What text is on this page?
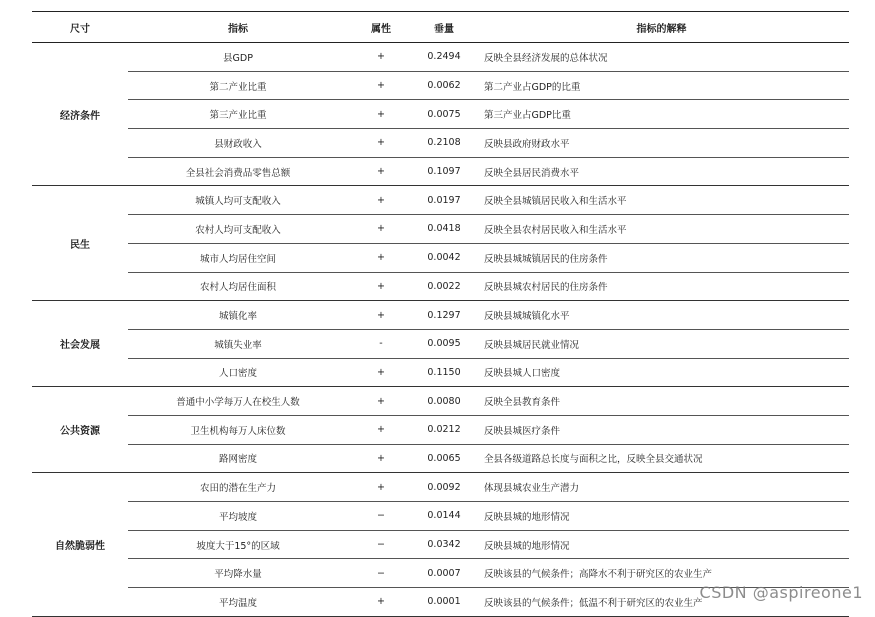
尺寸	指标	属性	垂量	指标的解释
经济条件	县GDP	+	0.2494	反映全县经济发展的总体状况
	第二产业比重	+	0.0062	第二产业占GDP的比重
	第三产业比重	+	0.0075	第三产业占GDP比重
	县财政收入	+	0.2108	反映县政府财政水平
	全县社会消费品零售总额	+	0.1097	反映全县居民消费水平
民生	城镇人均可支配收入	+	0.0197	反映全县城镇居民收入和生活水平
	农村人均可支配收入	+	0.0418	反映全县农村居民收入和生活水平
	城市人均居住空间	+	0.0042	反映县城城镇居民的住房条件
	农村人均居住面积	+	0.0022	反映县城农村居民的住房条件
社会发展	城镇化率	+	0.1297	反映县城城镇化水平
	城镇失业率	-	0.0095	反映县城居民就业情况
	人口密度	+	0.1150	反映县城人口密度
公共资源	普通中小学每万人在校生人数	+	0.0080	反映全县教育条件
	卫生机构每万人床位数	+	0.0212	反映县城医疗条件
	路网密度	+	0.0065	全县各级道路总长度与面积之比，反映全县交通状况
自然脆弱性	农田的潜在生产力	+	0.0092	体现县城农业生产潜力
	平均坡度	−	0.0144	反映县城的地形情况
	坡度大于15°的区域	−	0.0342	反映县城的地形情况
	平均降水量	−	0.0007	反映该县的气候条件；高降水不利于研究区的农业生产
	平均温度	+	0.0001	反映该县的气候条件；低温不利于研究区的农业生产
CSDN @aspireone1
